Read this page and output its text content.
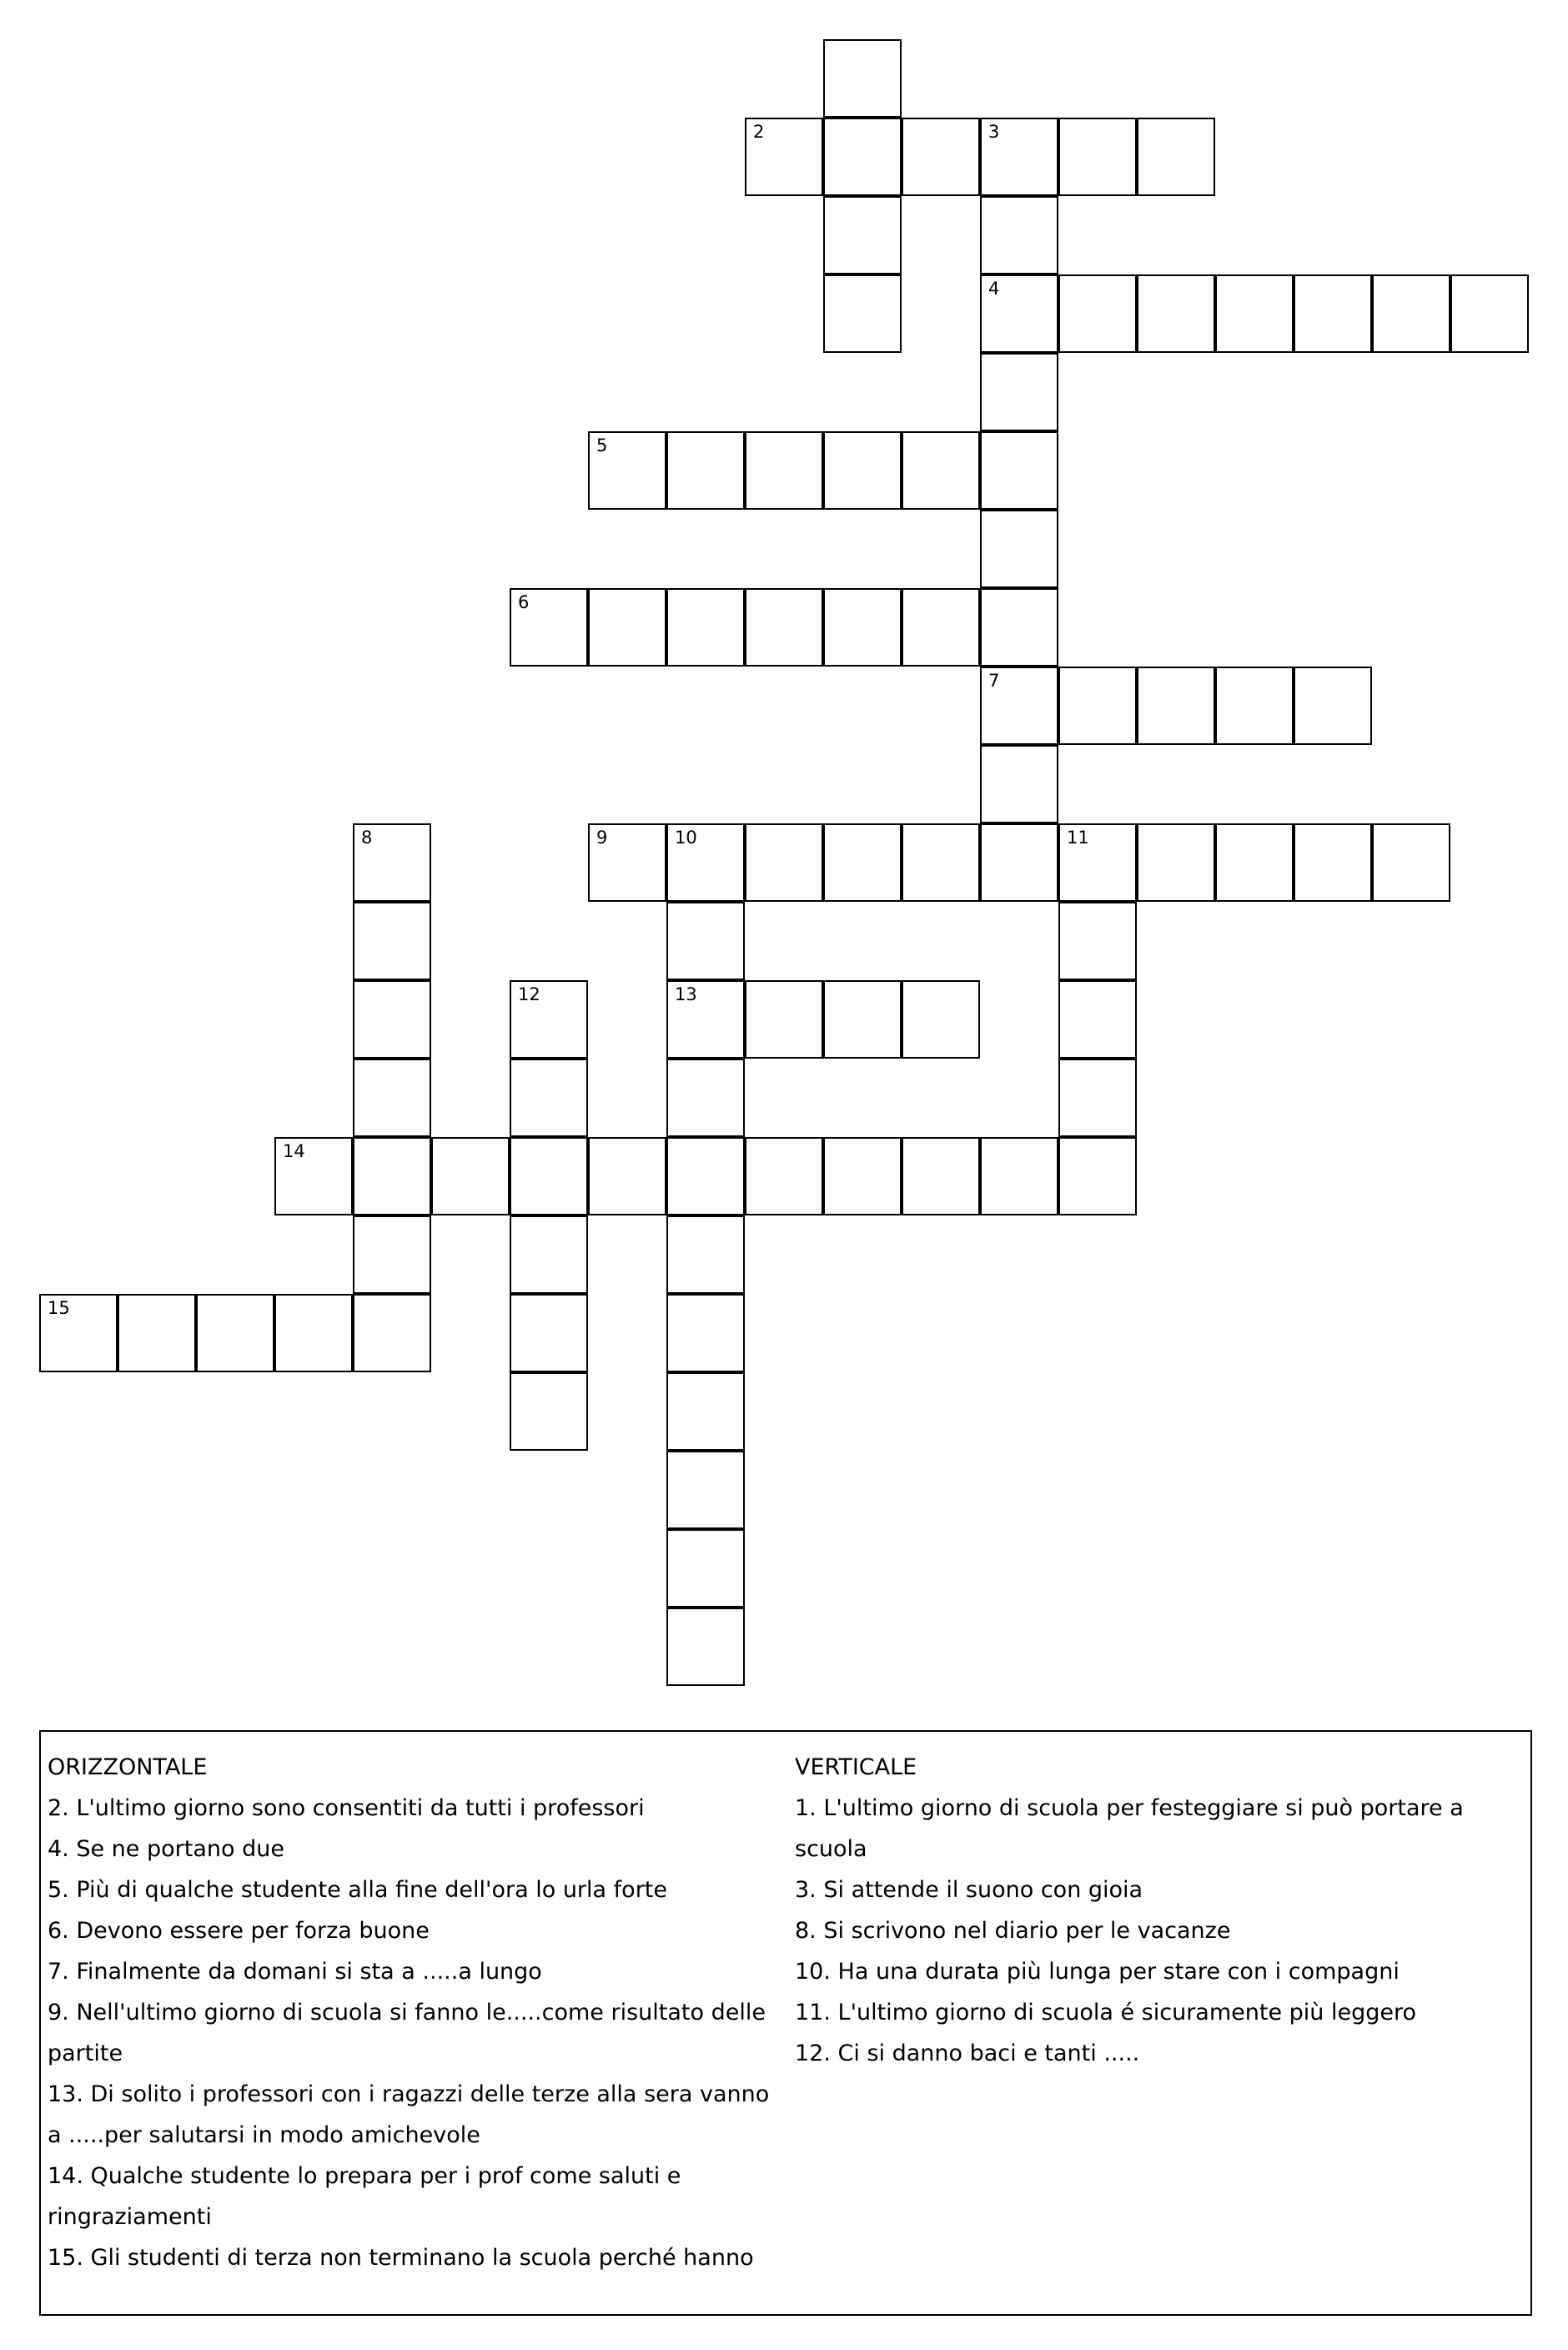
2	3
4
5
6
7
8	9	10	11
12	13
14
15
ORIZZONTALE
2. L'ultimo giorno sono consentiti da tutti i professori
4. Se ne portano due
5. Più di qualche studente alla fine dell'ora lo urla forte
6. Devono essere per forza buone
7. Finalmente da domani si sta a .....a lungo
9. Nell'ultimo giorno di scuola si fanno le.....come risultato delle partite
13. Di solito i professori con i ragazzi delle terze alla sera vanno a .....per salutarsi in modo amichevole
14. Qualche studente lo prepara per i prof come saluti e ringraziamenti
15. Gli studenti di terza non terminano la scuola perché hanno
VERTICALE
1. L'ultimo giorno di scuola per festeggiare si può portare a scuola
3. Si attende il suono con gioia
8. Si scrivono nel diario per le vacanze
10. Ha una durata più lunga per stare con i compagni
11. L'ultimo giorno di scuola é sicuramente più leggero
12. Ci si danno baci e tanti .....
